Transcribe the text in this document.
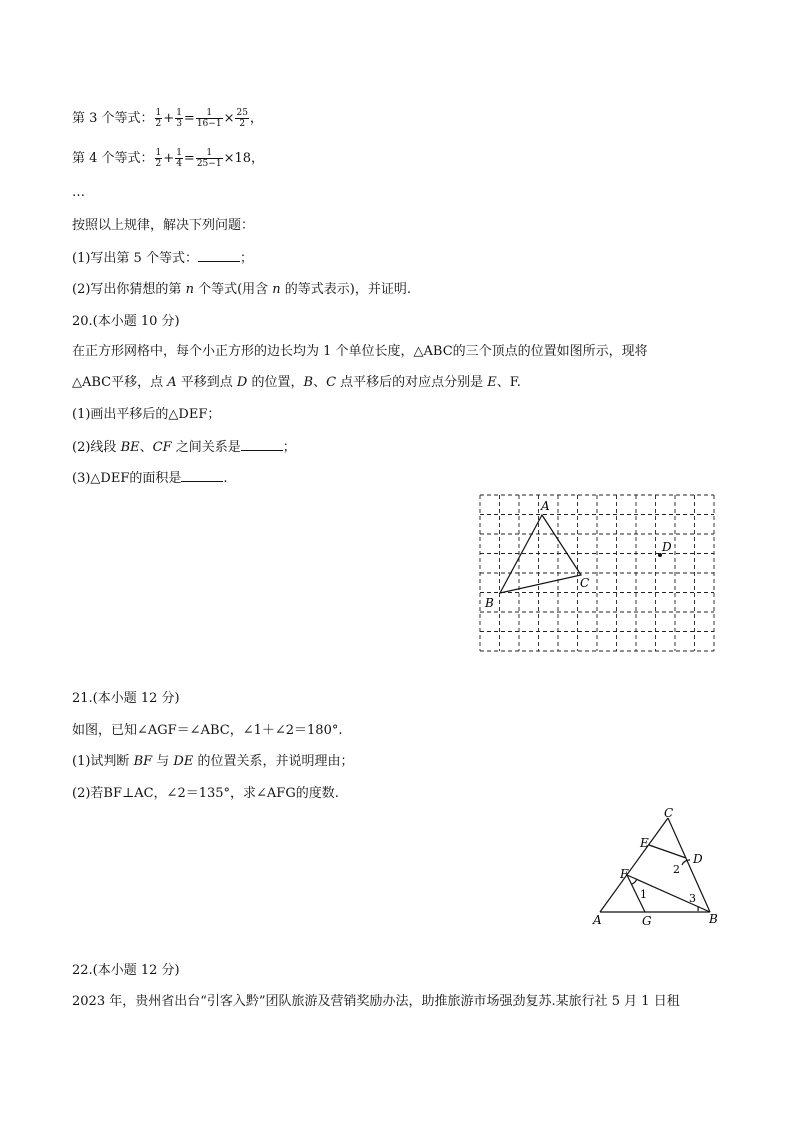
第 3 个等式： $\frac{1}{2} + \frac{1}{3} = \frac{1}{16-1} \times \frac{25}{2}$ ，
第 4 个等式： $\frac{1}{2} + \frac{1}{4} = \frac{1}{25-1} \times 18$，
…
按照以上规律，解决下列问题：
(1)写出第 5 个等式：	；
(2)写出你猜想的第 n 个等式(用含 n 的等式表示)，并证明.
20.(本小题 10 分)
在正方形网格中，每个小正方形的边长均为 1 个单位长度，△ABC的三个顶点的位置如图所示，现将
△ABC平移，点 A 平移到点 D 的位置，B、C 点平移后的对应点分别是 E、F.
(1)画出平移后的△DEF；
(2)线段 BE、CF 之间关系是	；
(3)△DEF的面积是	.
A
B
C
D
21.(本小题 12 分)
如图，已知∠AGF＝∠ABC，∠1＋∠2＝180°.
(1)试判断 BF 与 DE 的位置关系，并说明理由；
(2)若BF⊥AC，∠2＝135°，求∠AFG的度数.
C
E
D
F
A	G	B
1
2
3
22.(本小题 12 分)
2023 年，贵州省出台“引客入黔”团队旅游及营销奖励办法，助推旅游市场强劲复苏.某旅行社 5 月 1 日租
